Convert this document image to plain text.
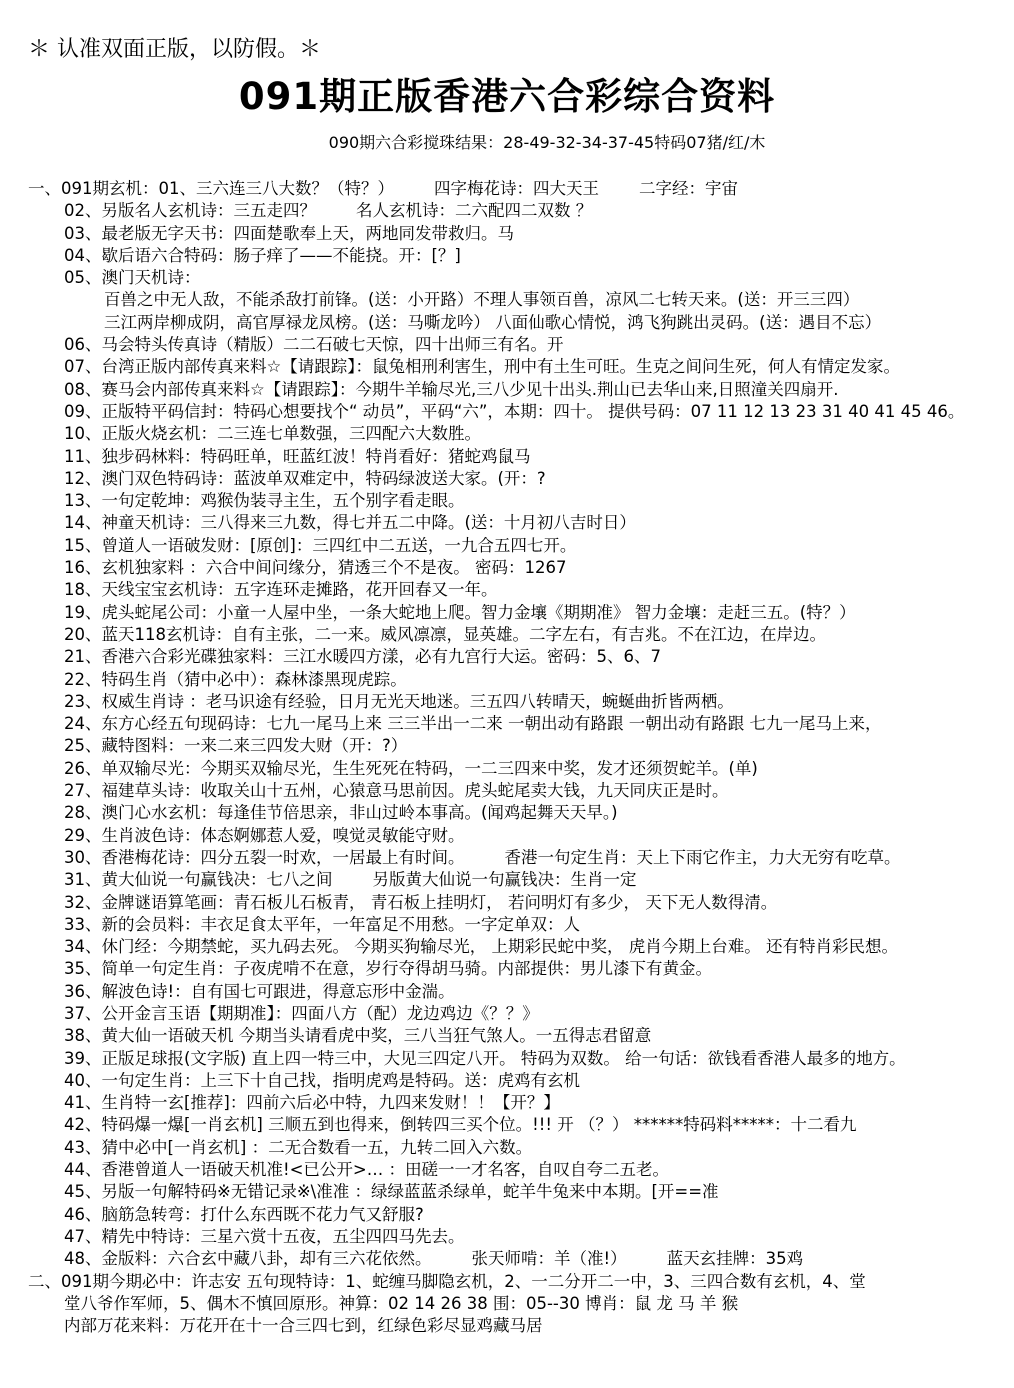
＊ 认准双面正版，以防假。＊
091期正版香港六合彩综合资料
090期六合彩搅珠结果：28-49-32-34-37-45特码07猪/红/木
一、091期玄机：01、三六连三八大数？（特？） 四字梅花诗：四大天王 二字经：宇宙
02、另版名人玄机诗：三五走四？ 名人玄机诗：二六配四二双数 ？
03、最老版无字天书：四面楚歌奉上天，两地同发带救归。马
04、歇后语六合特码：肠子痒了——不能挠。开：[？]
05、澳门天机诗：
百兽之中无人敌，不能杀敌打前锋。(送：小开路）不理人事领百兽，凉风二七转天来。(送：开三三四）
三江两岸柳成阴，高官厚禄龙凤榜。(送：马嘶龙吟） 八面仙歌心情悦，鸿飞狗跳出灵码。(送：遇目不忘）
06、马会特头传真诗（精版）二二石破七天惊，四十出师三有名。开
07、台湾正版内部传真来料☆【请跟踪】：鼠兔相刑利害生，刑中有土生可旺。生克之间问生死，何人有情定发家。
08、赛马会内部传真来料☆【请跟踪】：今期牛羊输尽光,三八少见十出头.荆山已去华山来,日照潼关四扇开.
09、正版特平码信封：特码心想要找个“ 动员”，平码“六”，本期：四十。 提供号码：07 11 12 13 23 31 40 41 45 46。
10、正版火烧玄机：二三连七单数强，三四配六大数胜。
11、独步码林料：特码旺单，旺蓝红波！特肖看好：猪蛇鸡鼠马
12、澳门双色特码诗：蓝波单双难定中，特码绿波送大家。(开：?
13、一句定乾坤：鸡猴伪装寻主生，五个别字看走眼。
14、神童天机诗：三八得来三九数，得七并五二中降。(送：十月初八吉时日）
15、曾道人一语破发财：[原创]：三四红中二五送，一九合五四七开。
16、玄机独家料 ：六合中间问缘分，猜透三个不是夜。 密码：1267
18、天线宝宝玄机诗：五字连环走摊路，花开回春又一年。
19、虎头蛇尾公司：小童一人屋中坐，一条大蛇地上爬。智力金壤《期期准》 智力金壤：走赶三五。(特？）
20、蓝天118玄机诗：自有主张，二一来。威风凛凛，显英雄。二字左右，有吉兆。不在江边，在岸边。
21、香港六合彩光碟独家料：三江水暖四方漾，必有九宫行大运。密码：5、6、7
22、特码生肖（猜中必中）：森林漆黑现虎踪。
23、权威生肖诗 ：老马识途有经验，日月无光天地迷。三五四八转晴天，蜿蜒曲折皆两栖。
24、东方心经五句现码诗：七九一尾马上来 三三半出一二来 一朝出动有路跟 一朝出动有路跟 七九一尾马上来，
25、藏特图料：一来二来三四发大财（开：?）
26、单双输尽光：今期买双输尽光，生生死死在特码，一二三四来中奖，发才还须贺蛇羊。(单)
27、福建草头诗：收取关山十五州，心猿意马思前因。虎头蛇尾卖大钱，九天同庆正是时。
28、澳门心水玄机：每逢佳节倍思亲，非山过岭本事高。(闻鸡起舞天天早。)
29、生肖波色诗：体态婀娜惹人爱，嗅觉灵敏能守财。
30、香港梅花诗：四分五裂一时欢，一居最上有时间。 香港一句定生肖：天上下雨它作主，力大无穷有吃草。
31、黄大仙说一句赢钱决：七八之间 另版黄大仙说一句赢钱决：生肖一定
32、金牌谜语算笔画：青石板儿石板青， 青石板上挂明灯， 若问明灯有多少， 天下无人数得清。
33、新的会员料：丰衣足食太平年，一年富足不用愁。一字定单双：人
34、休门经：今期禁蛇，买九码去死。 今期买狗输尽光， 上期彩民蛇中奖， 虎肖今期上台难。 还有特肖彩民想。
35、简单一句定生肖：子夜虎啃不在意，岁行夺得胡马骑。内部提供：男儿漆下有黄金。
36、解波色诗!：自有国七可跟进，得意忘形中金湍。
37、公开金言玉语【期期准】：四面八方（配）龙边鸡边《？？》
38、黄大仙一语破天机 今期当头请看虎中奖，三八当狂气煞人。一五得志君留意
39、正版足球报(文字版) 直上四一特三中，大见三四定八开。 特码为双数。 给一句话：欲钱看香港人最多的地方。
40、一句定生肖：上三下十自己找，指明虎鸡是特码。送：虎鸡有玄机
41、生肖特一玄[推荐]：四前六后必中特，九四来发财！！【开？】
42、特码爆一爆[一肖玄机] 三顺五到也得来，倒转四三买个位。!!! 开 （？） ******特码料*****：十二看九
43、猜中必中[一肖玄机] ：二无合数看一五，九转二回入六数。
44、香港曾道人一语破天机准!<已公开>… ：田磋一一才名客，自叹自夸二五老。
45、另版一句解特码※无错记录※\准准 ：绿绿蓝蓝杀绿单，蛇羊牛兔来中本期。[开==准
46、脑筋急转弯：打什么东西既不花力气又舒服?
47、精先中特诗：三星六赏十五夜，五尘四四马先去。
48、金版料：六合玄中藏八卦，却有三六花依然。 张天师啃：羊（准!） 蓝天玄挂牌：35鸡
二、091期今期必中：许志安 五句现特诗：1、蛇缠马脚隐玄机，2、一二分开二一中，3、三四合数有玄机，4、堂
堂八爷作军师，5、偶木不慎回原形。神算：02 14 26 38 围：05--30 博肖：鼠 龙 马 羊 猴
内部万花来料：万花开在十一合三四七到，红绿色彩尽显鸡藏马居
